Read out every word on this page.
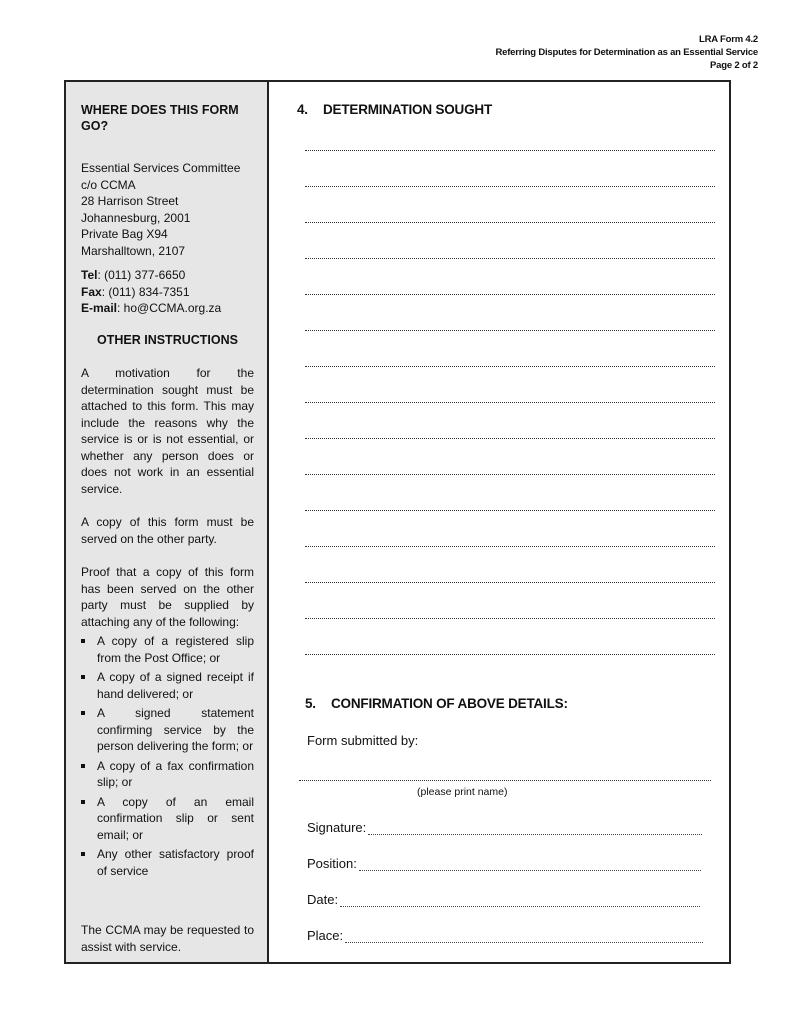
LRA Form 4.2
Referring Disputes for Determination as an Essential Service
Page 2 of 2
WHERE DOES THIS FORM GO?
Essential Services Committee
c/o CCMA
28 Harrison Street
Johannesburg, 2001
Private Bag X94
Marshalltown, 2107
Tel: (011) 377-6650
Fax: (011) 834-7351
E-mail: ho@CCMA.org.za
OTHER INSTRUCTIONS

A motivation for the determination sought must be attached to this form. This may include the reasons why the service is or is not essential, or whether any person does or does not work in an essential service.

A copy of this form must be served on the other party.

Proof that a copy of this form has been served on the other party must be supplied by attaching any of the following:

A copy of a registered slip from the Post Office; or
A copy of a signed receipt if hand delivered; or
A signed statement confirming service by the person delivering the form; or
A copy of a fax confirmation slip; or
A copy of an email confirmation slip or sent email; or
Any other satisfactory proof of service

The CCMA may be requested to assist with service.

4. DETERMINATION SOUGHT
5. CONFIRMATION OF ABOVE DETAILS:
Form submitted by:
(please print name)
Signature:
Position:
Date:
Place:
